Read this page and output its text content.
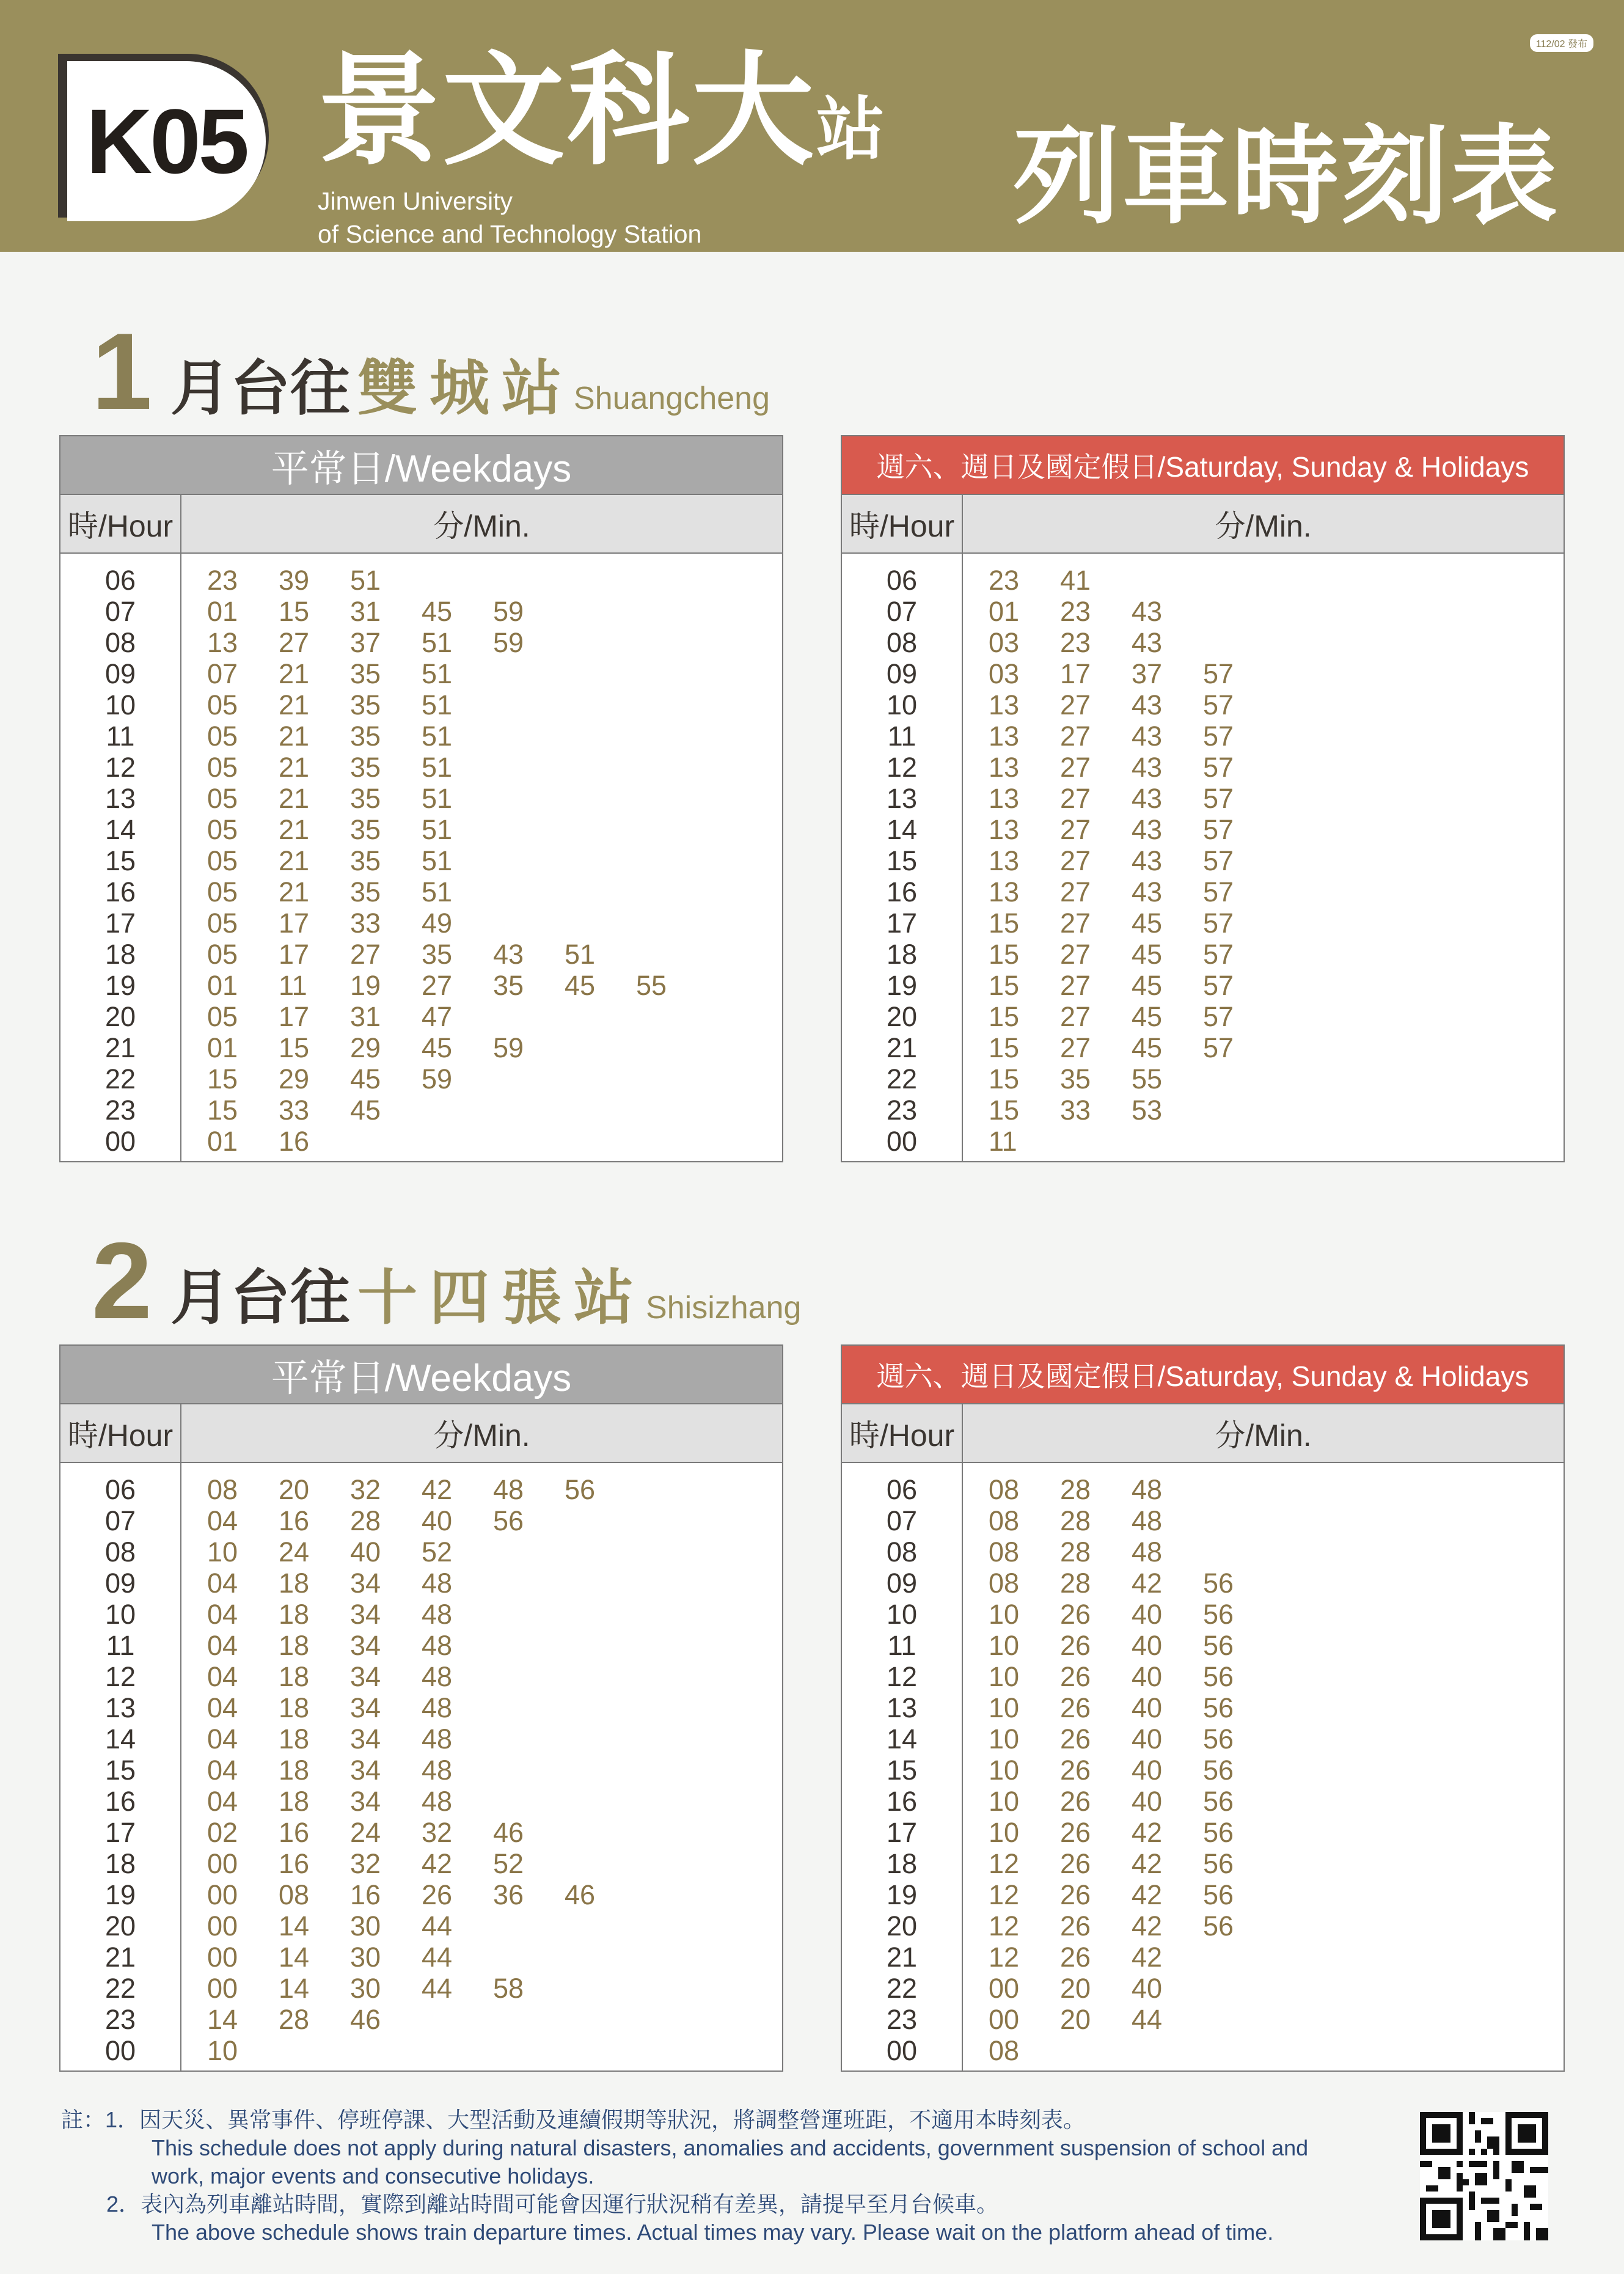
112/02 發布
K05 景文科大站
Jinwen University
of Science and Technology Station	列車時刻表
1 月台往 雙城站Shuangcheng
2 月台往 十四張站Shisizhang
平常日/Weekdays
時/Hour	分/Min.
06	23	39	51
07	01	15	31	45	59
08	13	27	37	51	59
09	07	21	35	51
10	05	21	35	51
11	05	21	35	51
12	05	21	35	51
13	05	21	35	51
14	05	21	35	51
15	05	21	35	51
16	05	21	35	51
17	05	17	33	49
18	05	17	27	35	43	51
19	01	11	19	27	35	45	55
20	05	17	31	47
21	01	15	29	45	59
22	15	29	45	59
23	15	33	45
00	01	16
週六、週日及國定假日/Saturday, Sunday & Holidays
時/Hour	分/Min.
06	23	41
07	01	23	43
08	03	23	43
09	03	17	37	57
10	13	27	43	57
11	13	27	43	57
12	13	27	43	57
13	13	27	43	57
14	13	27	43	57
15	13	27	43	57
16	13	27	43	57
17	15	27	45	57
18	15	27	45	57
19	15	27	45	57
20	15	27	45	57
21	15	27	45	57
22	15	35	55
23	15	33	53
00	11
平常日/Weekdays
時/Hour	分/Min.
06	08	20	32	42	48	56
07	04	16	28	40	56
08	10	24	40	52
09	04	18	34	48
10	04	18	34	48
11	04	18	34	48
12	04	18	34	48
13	04	18	34	48
14	04	18	34	48
15	04	18	34	48
16	04	18	34	48
17	02	16	24	32	46
18	00	16	32	42	52
19	00	08	16	26	36	46
20	00	14	30	44
21	00	14	30	44
22	00	14	30	44	58
23	14	28	46
00	10
週六、週日及國定假日/Saturday, Sunday & Holidays
時/Hour	分/Min.
06	08	28	48
07	08	28	48
08	08	28	48
09	08	28	42	56
10	10	26	40	56
11	10	26	40	56
12	10	26	40	56
13	10	26	40	56
14	10	26	40	56
15	10	26	40	56
16	10	26	40	56
17	10	26	42	56
18	12	26	42	56
19	12	26	42	56
20	12	26	42	56
21	12	26	42
22	00	20	40
23	00	20	44
00	08
註：1．因天災、異常事件、停班停課、大型活動及連續假期等狀況，將調整營運班距，不適用本時刻表。
This schedule does not apply during natural disasters, anomalies and accidents, government suspension of school and
work, major events and consecutive holidays.
2．表內為列車離站時間，實際到離站時間可能會因運行狀況稍有差異，請提早至月台候車。
The above schedule shows train departure times. Actual times may vary. Please wait on the platform ahead of time.
